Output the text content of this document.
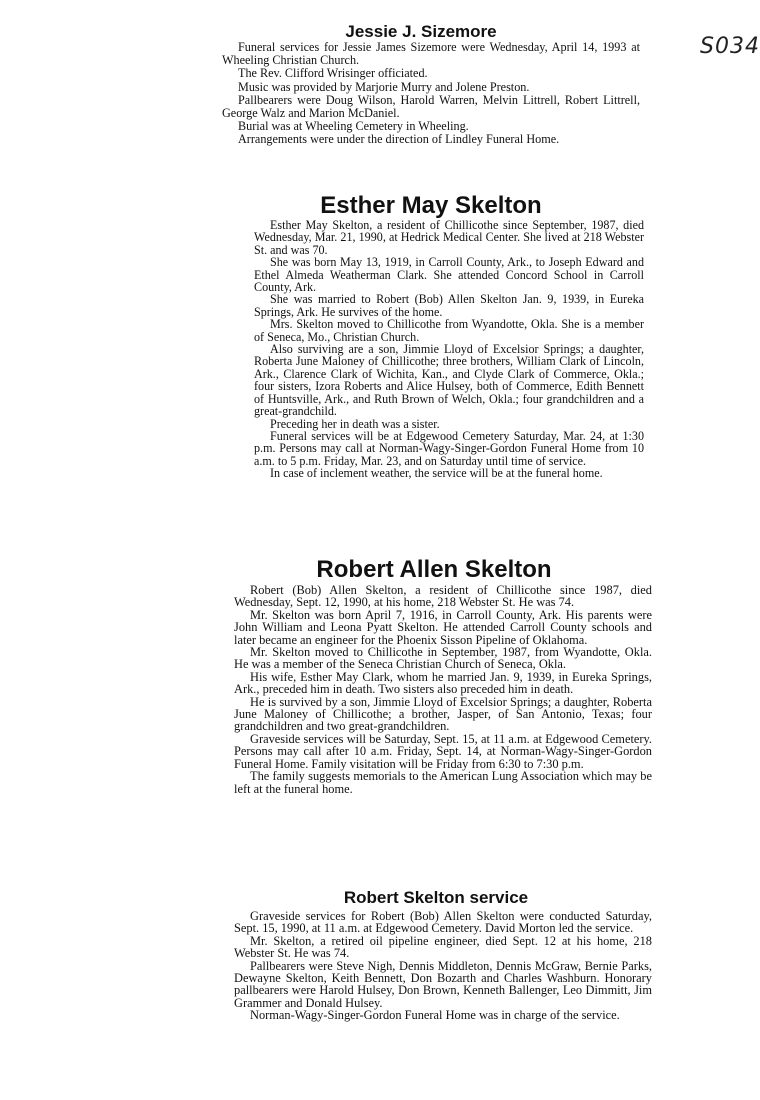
S034
Jessie J. Sizemore

Funeral services for Jessie James Sizemore were Wednesday, April 14, 1993 at Wheeling Christian Church.

The Rev. Clifford Wrisinger officiated.

Music was provided by Marjorie Murry and Jolene Preston.

Pallbearers were Doug Wilson, Harold Warren, Melvin Littrell, Robert Littrell, George Walz and Marion McDaniel.

Burial was at Wheeling Cemetery in Wheeling.

Arrangements were under the direction of Lindley Funeral Home.

Esther May Skelton

Esther May Skelton, a resident of Chillicothe since September, 1987, died Wednesday, Mar. 21, 1990, at Hedrick Medical Center. She lived at 218 Webster St. and was 70.

She was born May 13, 1919, in Carroll County, Ark., to Joseph Edward and Ethel Almeda Weatherman Clark. She attended Concord School in Carroll County, Ark.

She was married to Robert (Bob) Allen Skelton Jan. 9, 1939, in Eureka Springs, Ark. He survives of the home.

Mrs. Skelton moved to Chillicothe from Wyandotte, Okla. She is a member of Seneca, Mo., Christian Church.

Also surviving are a son, Jimmie Lloyd of Excelsior Springs; a daughter, Roberta June Maloney of Chillicothe; three brothers, William Clark of Lincoln, Ark., Clarence Clark of Wichita, Kan., and Clyde Clark of Commerce, Okla.; four sisters, Izora Roberts and Alice Hulsey, both of Commerce, Edith Bennett of Huntsville, Ark., and Ruth Brown of Welch, Okla.; four grandchildren and a great-grandchild.

Preceding her in death was a sister.

Funeral services will be at Edgewood Cemetery Saturday, Mar. 24, at 1:30 p.m. Persons may call at Norman-Wagy-Singer-Gordon Funeral Home from 10 a.m. to 5 p.m. Friday, Mar. 23, and on Saturday until time of service.

In case of inclement weather, the service will be at the funeral home.

Robert Allen Skelton

Robert (Bob) Allen Skelton, a resident of Chillicothe since 1987, died Wednesday, Sept. 12, 1990, at his home, 218 Webster St. He was 74.

Mr. Skelton was born April 7, 1916, in Carroll County, Ark. His parents were John William and Leona Pyatt Skelton. He attended Carroll County schools and later became an engineer for the Phoenix Sisson Pipeline of Oklahoma.

Mr. Skelton moved to Chillicothe in September, 1987, from Wyandotte, Okla. He was a member of the Seneca Christian Church of Seneca, Okla.

His wife, Esther May Clark, whom he married Jan. 9, 1939, in Eureka Springs, Ark., preceded him in death. Two sisters also preceded him in death.

He is survived by a son, Jimmie Lloyd of Excelsior Springs; a daughter, Roberta June Maloney of Chillicothe; a brother, Jasper, of San Antonio, Texas; four grandchildren and two great-grandchildren.

Graveside services will be Saturday, Sept. 15, at 11 a.m. at Edgewood Cemetery. Persons may call after 10 a.m. Friday, Sept. 14, at Norman-Wagy-Singer-Gordon Funeral Home. Family visitation will be Friday from 6:30 to 7:30 p.m.

The family suggests memorials to the American Lung Association which may be left at the funeral home.

Robert Skelton service

Graveside services for Robert (Bob) Allen Skelton were conducted Saturday, Sept. 15, 1990, at 11 a.m. at Edgewood Cemetery. David Morton led the service.

Mr. Skelton, a retired oil pipeline engineer, died Sept. 12 at his home, 218 Webster St. He was 74.

Pallbearers were Steve Nigh, Dennis Middleton, Dennis McGraw, Bernie Parks, Dewayne Skelton, Keith Bennett, Don Bozarth and Charles Washburn. Honorary pallbearers were Harold Hulsey, Don Brown, Kenneth Ballenger, Leo Dimmitt, Jim Grammer and Donald Hulsey.

Norman-Wagy-Singer-Gordon Funeral Home was in charge of the service.
